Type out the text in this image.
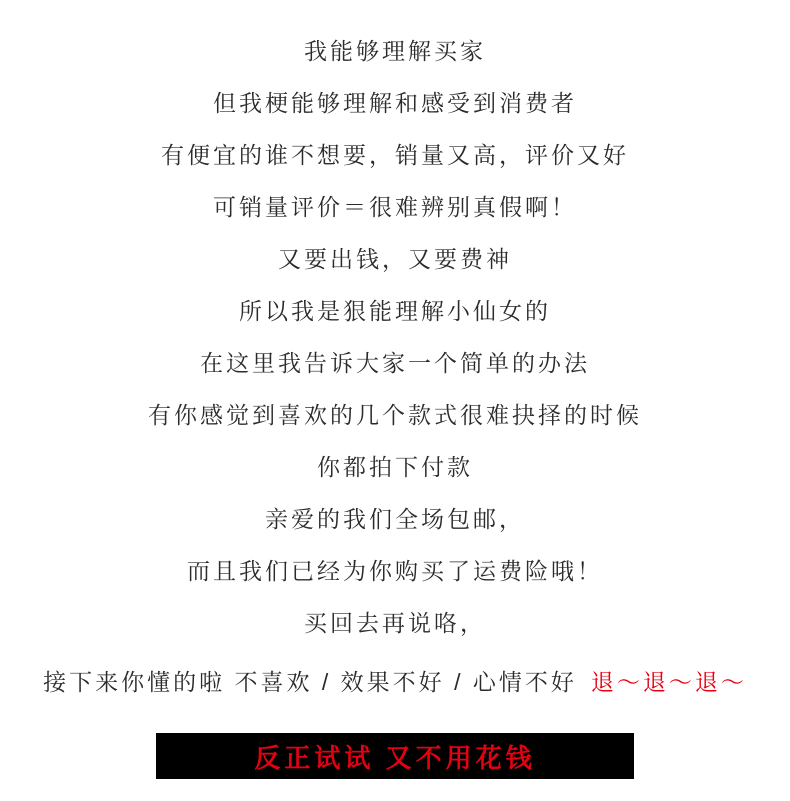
我能够理解买家
但我梗能够理解和感受到消费者
有便宜的谁不想要，销量又高，评价又好
可销量评价＝很难辨别真假啊！
又要出钱，又要费神
所以我是狠能理解小仙女的
在这里我告诉大家一个简单的办法
有你感觉到喜欢的几个款式很难抉择的时候
你都拍下付款
亲爱的我们全场包邮，
而且我们已经为你购买了运费险哦！
买回去再说咯，
接下来你懂的啦 不喜欢 / 效果不好 / 心情不好 退～退～退～
反正试试 又不用花钱
